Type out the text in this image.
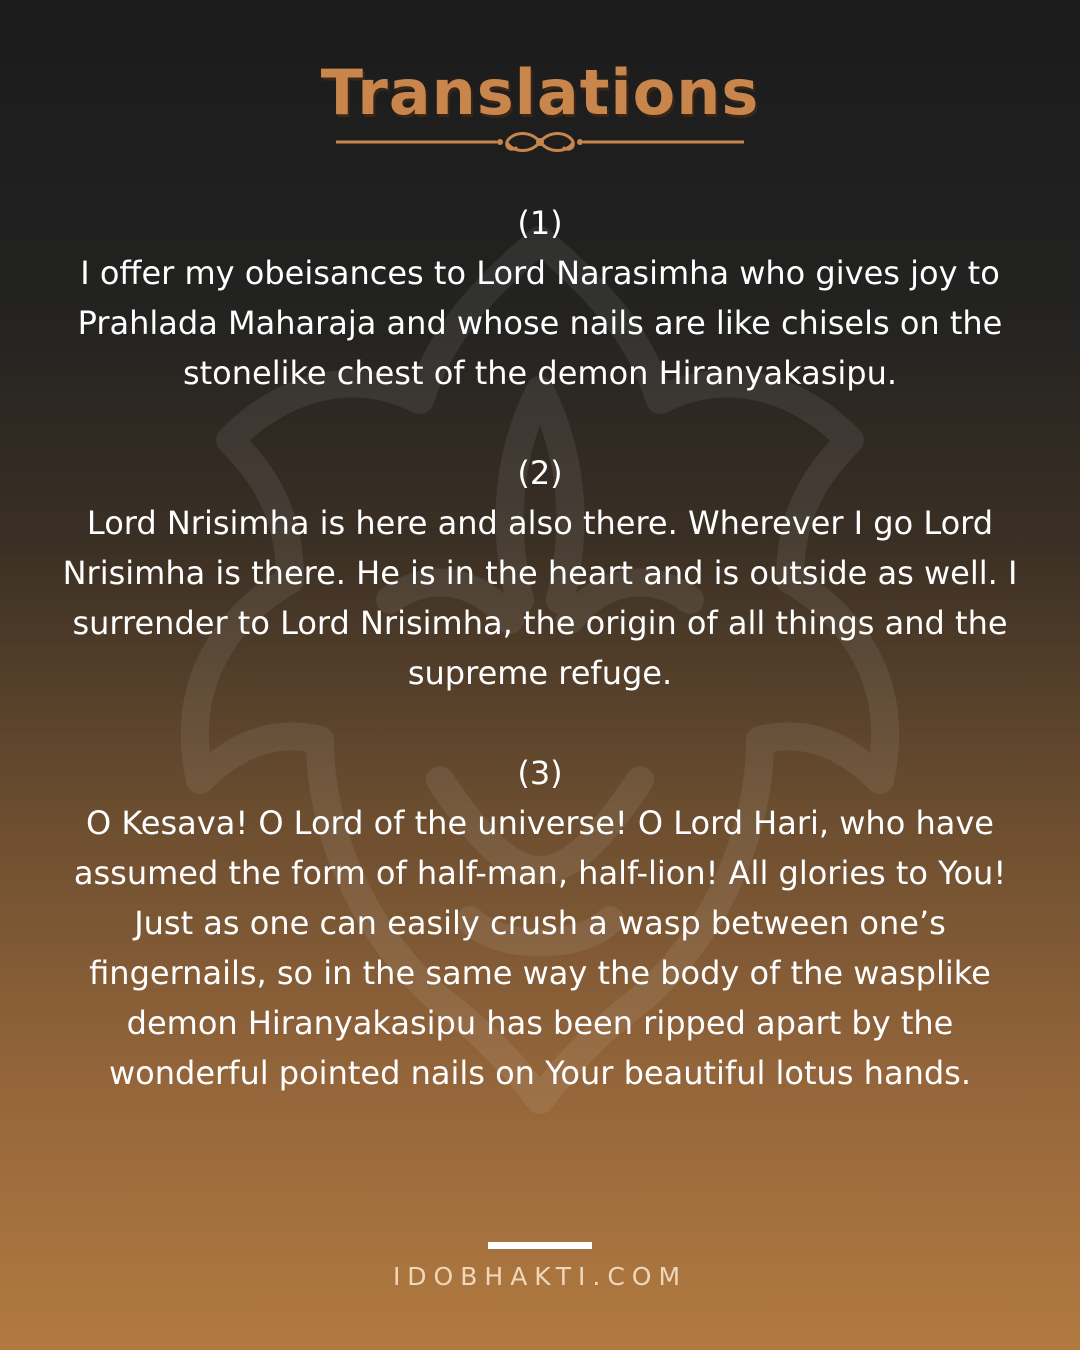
Translations
(1)
I offer my obeisances to Lord Narasimha who gives joy to Prahlada Maharaja and whose nails are like chisels on the stonelike chest of the demon Hiranyakasipu.
(2)
Lord Nrisimha is here and also there. Wherever I go Lord Nrisimha is there. He is in the heart and is outside as well. I surrender to Lord Nrisimha, the origin of all things and the supreme refuge.
(3)
O Kesava! O Lord of the universe! O Lord Hari, who have assumed the form of half-man, half-lion! All glories to You! Just as one can easily crush a wasp between one’s fingernails, so in the same way the body of the wasplike demon Hiranyakasipu has been ripped apart by the wonderful pointed nails on Your beautiful lotus hands.
IDOBHAKTI.COM
